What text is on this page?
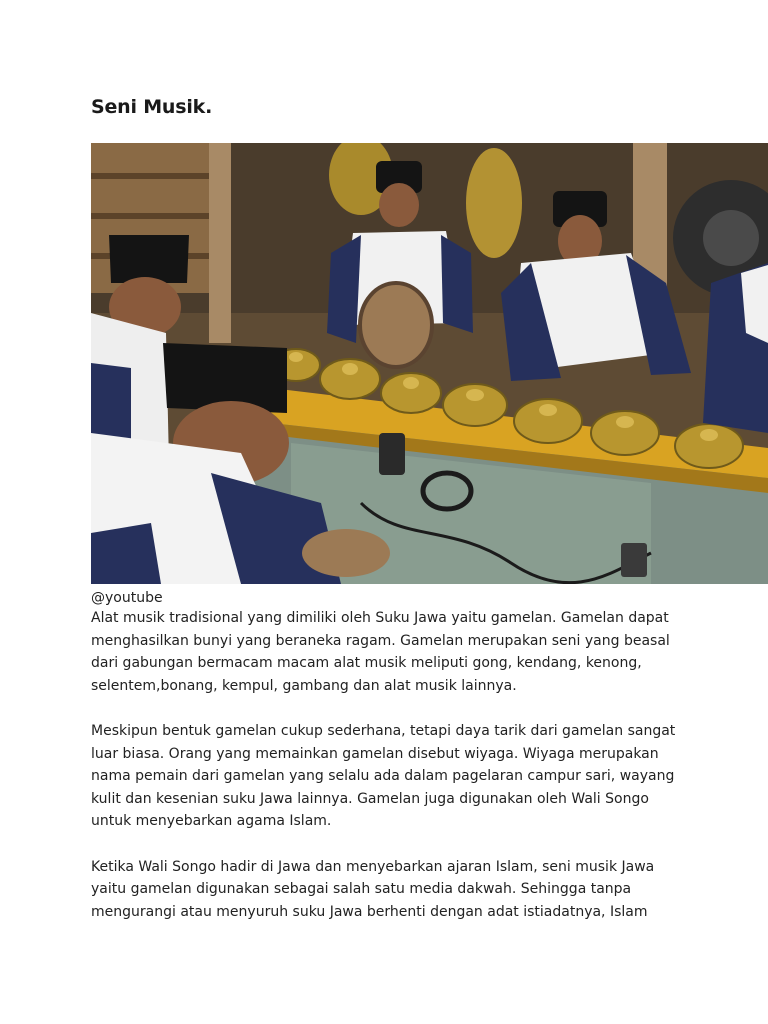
Seni Musik.
@youtube

Alat musik tradisional yang dimiliki oleh Suku Jawa yaitu gamelan. Gamelan dapat menghasilkan bunyi yang beraneka ragam. Gamelan merupakan seni yang beasal dari gabungan bermacam macam alat musik meliputi gong, kendang, kenong, selentem,bonang, kempul, gambang dan alat musik lainnya.

Meskipun bentuk gamelan cukup sederhana, tetapi daya tarik dari gamelan sangat luar biasa. Orang yang memainkan gamelan disebut wiyaga. Wiyaga merupakan nama pemain dari gamelan yang selalu ada dalam pagelaran campur sari, wayang kulit dan kesenian suku Jawa lainnya. Gamelan juga digunakan oleh Wali Songo untuk menyebarkan agama Islam.

Ketika Wali Songo hadir di Jawa dan menyebarkan ajaran Islam, seni musik Jawa yaitu gamelan digunakan sebagai salah satu media dakwah. Sehingga tanpa mengurangi atau menyuruh suku Jawa berhenti dengan adat istiadatnya, Islam
